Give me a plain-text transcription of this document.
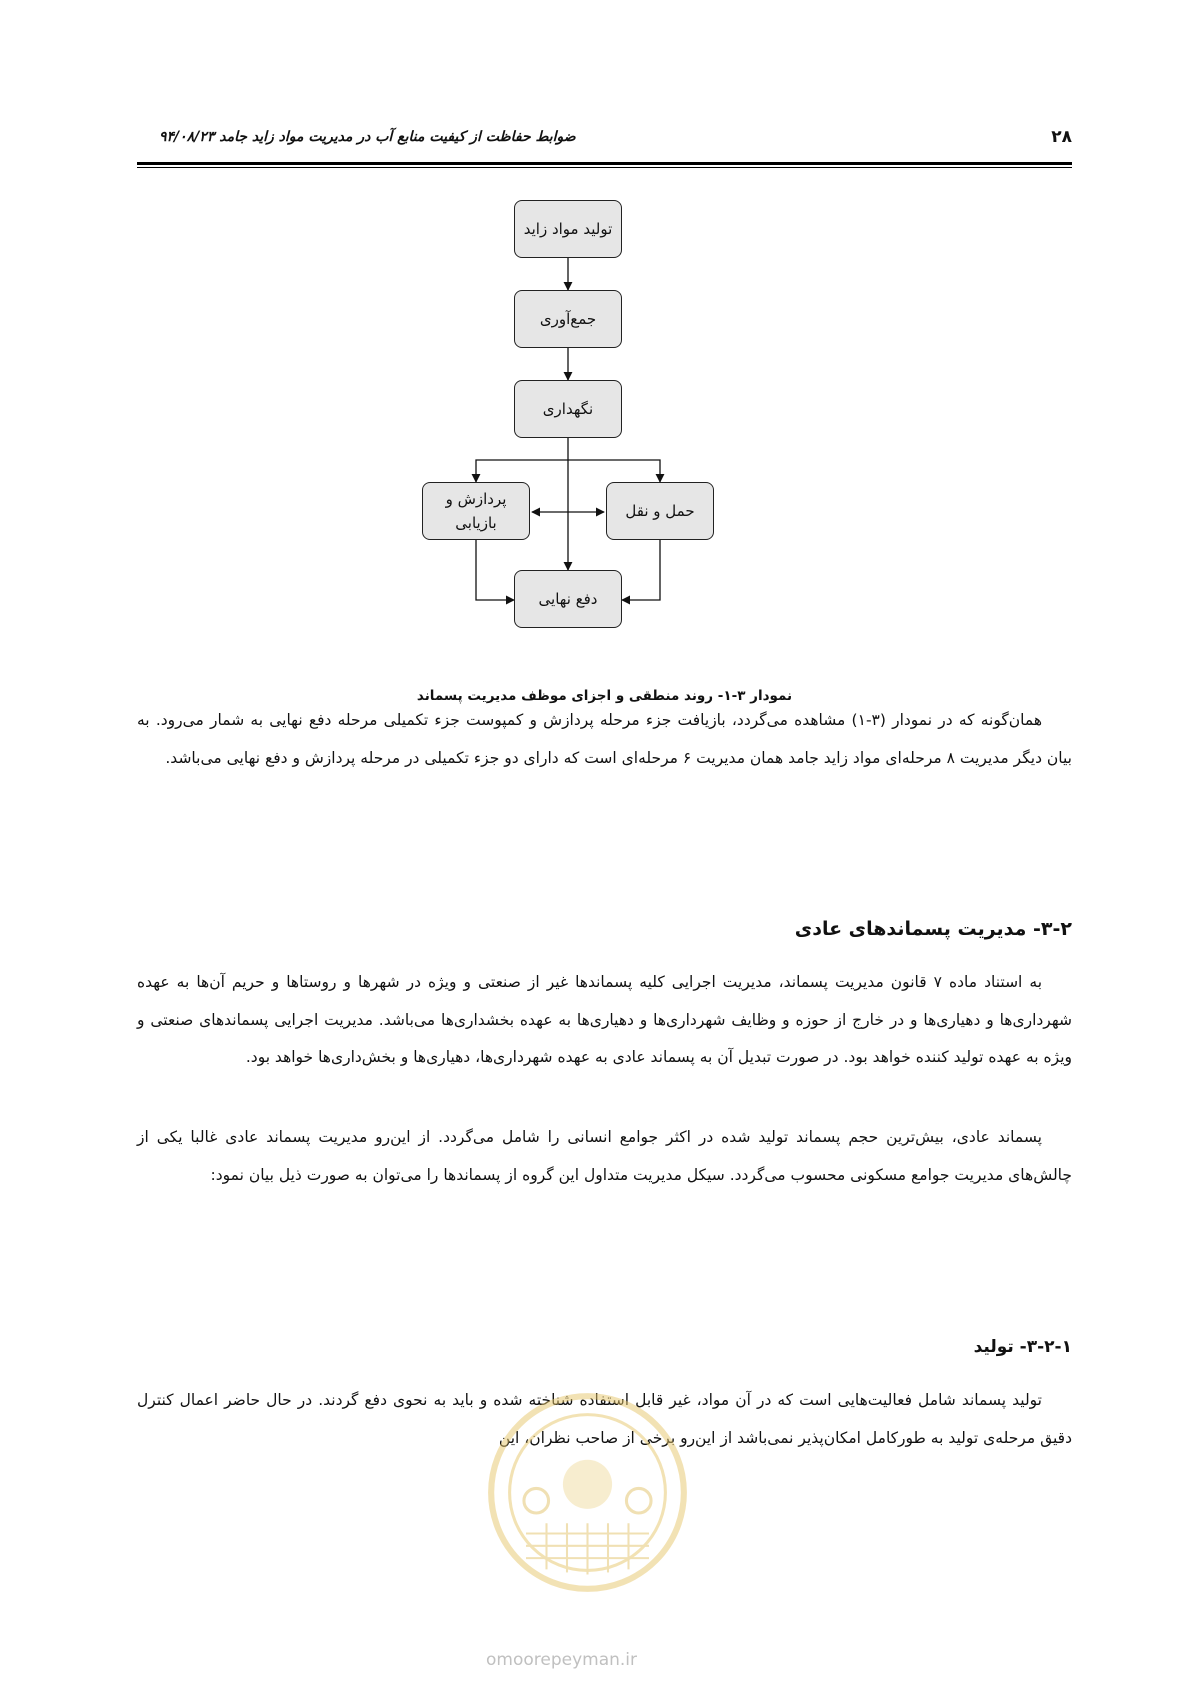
۲۸
ضوابط حفاظت از کیفیت منابع آب در مدیریت مواد زاید جامد ۹۴/۰۸/۲۳
تولید مواد زاید
جمع‌آوری
نگهداری
پردازش و بازیابی
حمل و نقل
دفع نهایی
نمودار ۳-۱- روند منطقی و اجزای موظف مدیریت پسماند
همان‌گونه که در نمودار (۳-۱) مشاهده می‌گردد، بازیافت جزء مرحله پردازش و کمپوست جزء تکمیلی مرحله دفع نهایی به شمار می‌رود. به بیان دیگر مدیریت ۸ مرحله‌ای مواد زاید جامد همان مدیریت ۶ مرحله‌ای است که دارای دو جزء تکمیلی در مرحله پردازش و دفع نهایی می‌باشد.
۳-۲- مدیریت پسماندهای عادی
به استناد ماده ۷ قانون مدیریت پسماند، مدیریت اجرایی کلیه پسماندها غیر از صنعتی و ویژه در شهرها و روستاها و حریم آن‌ها به عهده شهرداری‌ها و دهیاری‌ها و در خارج از حوزه و وظایف شهرداری‌ها و دهیاری‌ها به عهده بخشداری‌ها می‌باشد. مدیریت اجرایی پسماندهای صنعتی و ویژه به عهده تولید کننده خواهد بود. در صورت تبدیل آن به پسماند عادی به عهده شهرداری‌ها، دهیاری‌ها و بخش‌داری‌ها خواهد بود.
پسماند عادی، بیش‌ترین حجم پسماند تولید شده در اکثر جوامع انسانی را شامل می‌گردد. از این‌رو مدیریت پسماند عادی غالبا یکی از چالش‌های مدیریت جوامع مسکونی محسوب می‌گردد. سیکل مدیریت متداول این گروه از پسماندها را می‌توان به صورت ذیل بیان نمود:
۳-۲-۱- تولید
تولید پسماند شامل فعالیت‌هایی است که در آن مواد، غیر قابل استفاده شناخته شده و باید به نحوی دفع گردند. در حال حاضر اعمال کنترل دقیق مرحله‌ی تولید به طورکامل امکان‌پذیر نمی‌باشد از این‌رو برخی از صاحب نظران، این
omoorepeyman.ir
